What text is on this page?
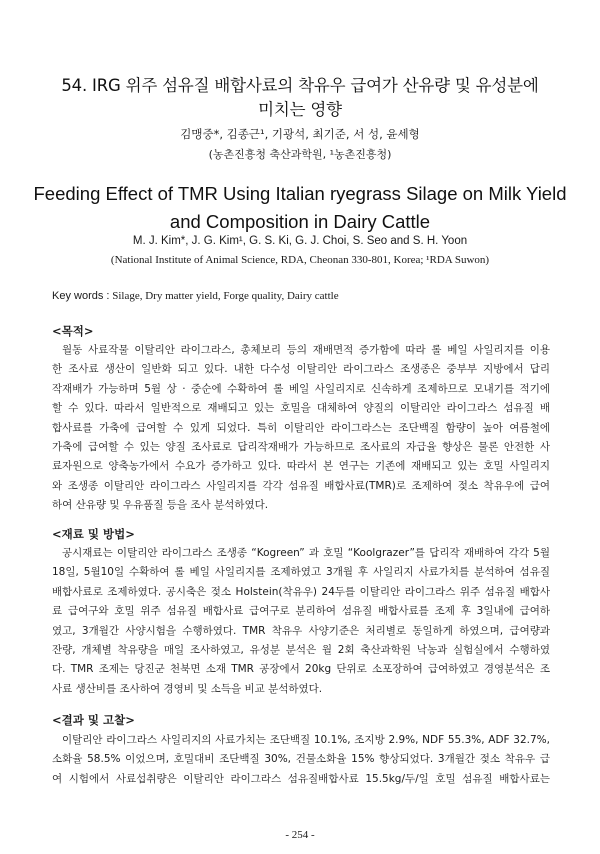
54. IRG 위주 섬유질 배합사료의 착유우 급여가 산유량 및 유성분에
미치는 영향
김맹중*, 김종근¹, 기광석, 최기준, 서 성, 윤세형
(농촌진흥청 축산과학원, ¹농촌진흥청)
Feeding Effect of TMR Using Italian ryegrass Silage on Milk Yield
and Composition in Dairy Cattle
M. J. Kim*, J. G. Kim¹, G. S. Ki, G. J. Choi, S. Seo and S. H. Yoon
(National Institute of Animal Science, RDA, Cheonan 330-801, Korea; ¹RDA Suwon)
Key words : Silage, Dry matter yield, Forge quality, Dairy cattle
<목적>
월동 사료작물 이탈리안 라이그라스, 총체보리 등의 재배면적 증가함에 따라 롤 베일 사일리지를 이용
한 조사료 생산이 일반화 되고 있다. 내한 다수성 이탈리안 라이그라스 조생종은 중부부 지방에서 답리
작재배가 가능하며 5월 상 · 중순에 수확하여 롤 베일 사일리지로 신속하게 조제하므로 모내기를 적기에
할 수 있다. 따라서 일반적으로 재배되고 있는 호밀을 대체하여 양질의 이탈리안 라이그라스 섬유질 배
합사료를 가축에 급여할 수 있게 되었다. 특히 이탈리안 라이그라스는 조단백질 함량이 높아 여름철에
가축에 급여할 수 있는 양질 조사료로 답리작재배가 가능하므로 조사료의 자급율 향상은 물론 안전한 사
료자원으로 양축농가에서 수요가 증가하고 있다. 따라서 본 연구는 기존에 재배되고 있는 호밀 사일리지
와 조생종 이탈리안 라이그라스 사일리지를 각각 섬유질 배합사료(TMR)로 조제하여 젖소 착유우에 급여
하여 산유량 및 우유품질 등을 조사 분석하였다.
<재료 및 방법>
공시재료는 이탈리안 라이그라스 조생종 “Kogreen” 과 호밀 “Koolgrazer”를 답리작 재배하여 각각 5월
18일, 5월10일 수확하여 롤 베일 사일리지를 조제하였고 3개월 후 사일리지 사료가치를 분석하여 섬유질
배합사료로 조제하였다. 공시축은 젖소 Holstein(착유우) 24두를 이탈리안 라이그라스 위주 섬유질 배합사
료 급여구와 호밀 위주 섬유질 배합사료 급여구로 분리하여 섬유질 배합사료를 조제 후 3일내에 급여하
였고, 3개월간 사양시험을 수행하였다. TMR 착유우 사양기준은 처리별로 동일하게 하였으며, 급여량과
잔량, 개체별 착유량을 매일 조사하였고, 유성분 분석은 월 2회 축산과학원 낙농과 실험실에서 수행하였
다. TMR 조제는 당진군 천북면 소재 TMR 공장에서 20kg 단위로 소포장하여 급여하였고 경영분석은 조
사료 생산비를 조사하여 경영비 및 소득을 비교 분석하였다.
<결과 및 고찰>
이탈리안 라이그라스 사일리지의 사료가치는 조단백질 10.1%, 조지방 2.9%, NDF 55.3%, ADF 32.7%,
소화율 58.5% 이었으며, 호밀대비 조단백질 30%, 건물소화율 15% 향상되었다. 3개월간 젖소 착유우 급
여 시험에서 사료섭취량은 이탈리안 라이그라스 섬유질배합사료 15.5kg/두/일 호밀 섬유질 배합사료는
- 254 -
